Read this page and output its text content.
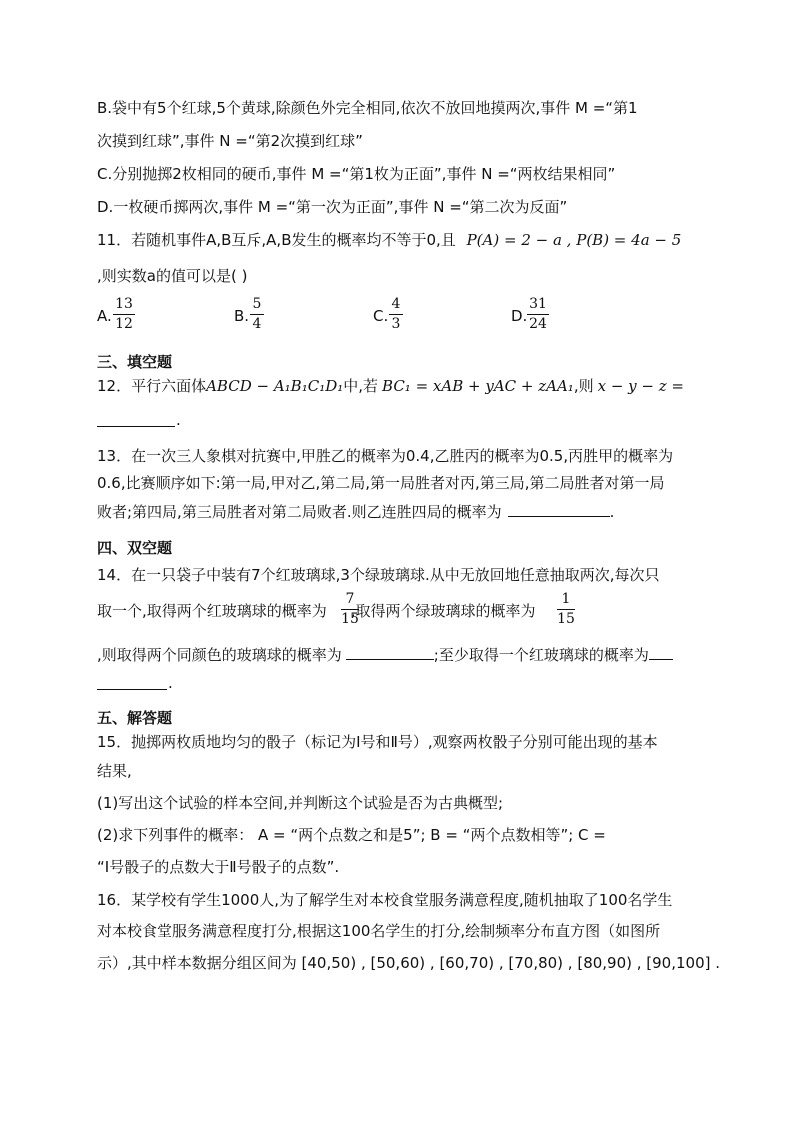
B.袋中有5个红球,5个黄球,除颜色外完全相同,依次不放回地摸两次,事件 M =“第1
次摸到红球”,事件 N =“第2次摸到红球”
C.分别抛掷2枚相同的硬币,事件 M =“第1枚为正面”,事件 N =“两枚结果相同”
D.一枚硬币掷两次,事件 M =“第一次为正面”,事件 N =“第二次为反面”
11．若随机事件A,B互斥,A,B发生的概率均不等于0,且 P(A) = 2 − a , P(B) = 4a − 5
,则实数a的值可以是( )
A.
13
12	B.
5
4	C.
4
3	D.
31
24
三、填空题
12．平行六面体ABCD − A₁B₁C₁D₁中,若 BC₁ = xAB + yAC + zAA₁,则 x − y − z =
.
13．在一次三人象棋对抗赛中,甲胜乙的概率为0.4,乙胜丙的概率为0.5,丙胜甲的概率为
0.6,比赛顺序如下:第一局,甲对乙,第二局,第一局胜者对丙,第三局,第二局胜者对第一局
败者;第四局,第三局胜者对第二局败者.则乙连胜四局的概率为	.
四、双空题
14．在一只袋子中装有7个红玻璃球,3个绿玻璃球.从中无放回地任意抽取两次,每次只
取一个,取得两个红玻璃球的概率为 ,取得两个绿玻璃球的概率为
7
15
1
15
,则取得两个同颜色的玻璃球的概率为	;至少取得一个红玻璃球的概率为
.
五、解答题
15．抛掷两枚质地均匀的骰子（标记为Ⅰ号和Ⅱ号）,观察两枚骰子分别可能出现的基本
结果,
(1)写出这个试验的样本空间,并判断这个试验是否为古典概型;
(2)求下列事件的概率： A = “两个点数之和是5”; B = “两个点数相等”; C =
“Ⅰ号骰子的点数大于Ⅱ号骰子的点数”.
16．某学校有学生1000人,为了解学生对本校食堂服务满意程度,随机抽取了100名学生
对本校食堂服务满意程度打分,根据这100名学生的打分,绘制频率分布直方图（如图所
示）,其中样本数据分组区间为 [40,50) , [50,60) , [60,70) , [70,80) , [80,90) , [90,100] .
